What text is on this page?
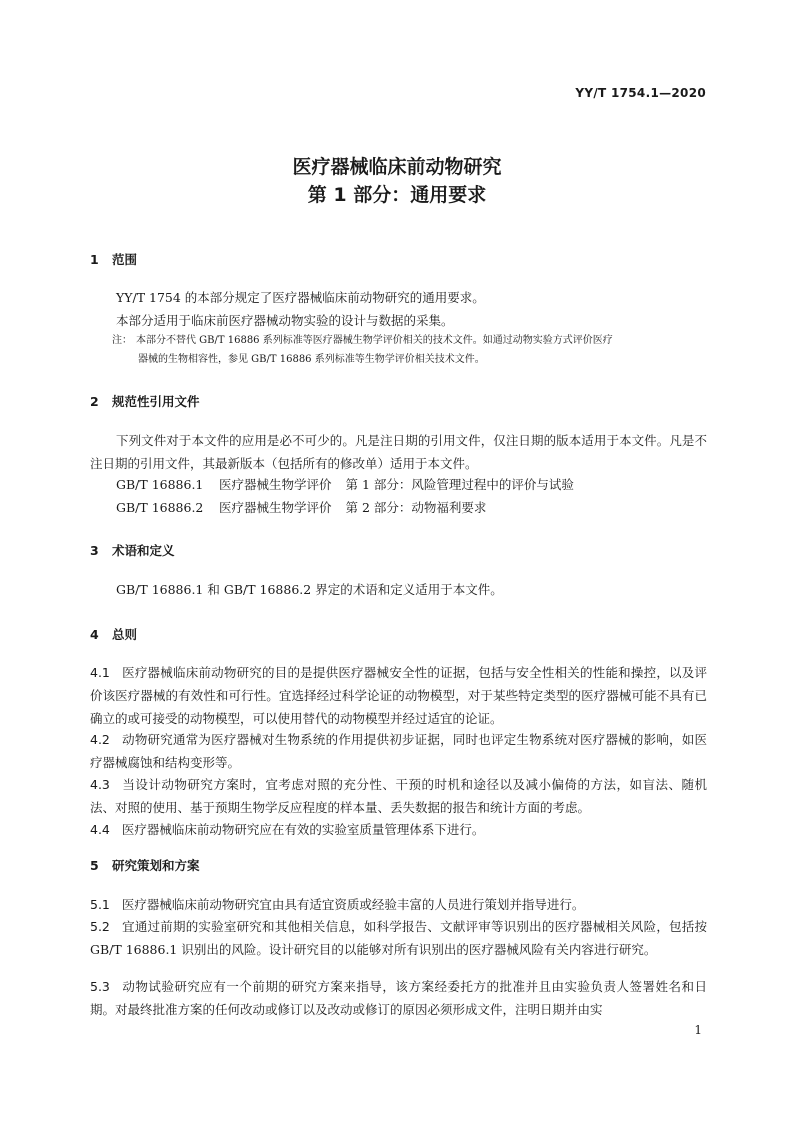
YY/T 1754.1—2020
医疗器械临床前动物研究
第 1 部分：通用要求
1 范围
YY/T 1754 的本部分规定了医疗器械临床前动物研究的通用要求。
本部分适用于临床前医疗器械动物实验的设计与数据的采集。
注： 本部分不替代 GB/T 16886 系列标准等医疗器械生物学评价相关的技术文件。如通过动物实验方式评价医疗
器械的生物相容性，参见 GB/T 16886 系列标准等生物学评价相关技术文件。
2 规范性引用文件
下列文件对于本文件的应用是必不可少的。凡是注日期的引用文件，仅注日期的版本适用于本文件。凡是不注日期的引用文件，其最新版本（包括所有的修改单）适用于本文件。
GB/T 16886.1 医疗器械生物学评价 第 1 部分：风险管理过程中的评价与试验
GB/T 16886.2 医疗器械生物学评价 第 2 部分：动物福利要求
3 术语和定义
GB/T 16886.1 和 GB/T 16886.2 界定的术语和定义适用于本文件。
4 总则
4.1 医疗器械临床前动物研究的目的是提供医疗器械安全性的证据，包括与安全性相关的性能和操控，以及评价该医疗器械的有效性和可行性。宜选择经过科学论证的动物模型，对于某些特定类型的医疗器械可能不具有已确立的或可接受的动物模型，可以使用替代的动物模型并经过适宜的论证。
4.2 动物研究通常为医疗器械对生物系统的作用提供初步证据，同时也评定生物系统对医疗器械的影响，如医疗器械腐蚀和结构变形等。
4.3 当设计动物研究方案时，宜考虑对照的充分性、干预的时机和途径以及减小偏倚的方法，如盲法、随机法、对照的使用、基于预期生物学反应程度的样本量、丢失数据的报告和统计方面的考虑。
4.4 医疗器械临床前动物研究应在有效的实验室质量管理体系下进行。
5 研究策划和方案
5.1 医疗器械临床前动物研究宜由具有适宜资质或经验丰富的人员进行策划并指导进行。
5.2 宜通过前期的实验室研究和其他相关信息，如科学报告、文献评审等识别出的医疗器械相关风险，包括按 GB/T 16886.1 识别出的风险。设计研究目的以能够对所有识别出的医疗器械风险有关内容进行研究。
5.3 动物试验研究应有一个前期的研究方案来指导，该方案经委托方的批准并且由实验负责人签署姓名和日期。对最终批准方案的任何改动或修订以及改动或修订的原因必须形成文件，注明日期并由实
1
